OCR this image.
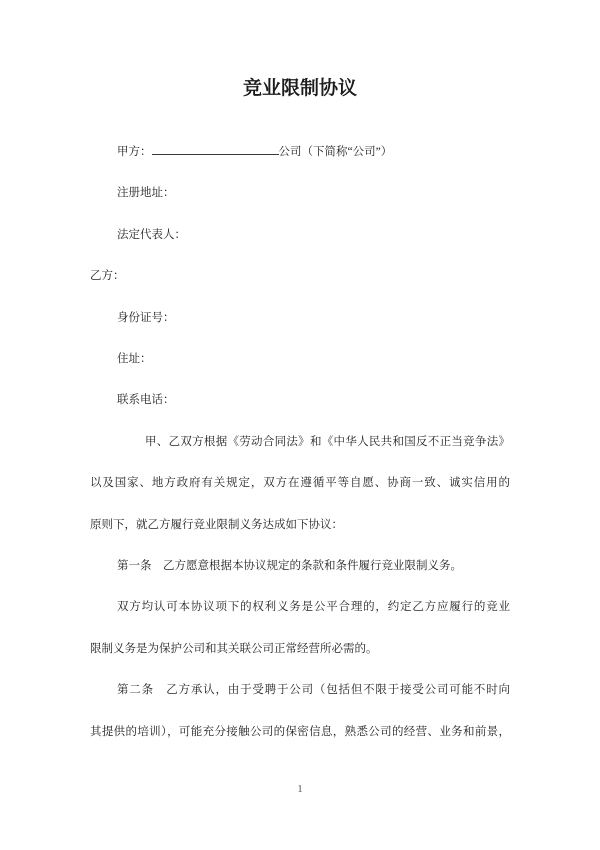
竞业限制协议

甲方：	公司（下简称“公司”）

注册地址：

法定代表人：

乙方：

身份证号：

住址：

联系电话：

甲、乙双方根据《劳动合同法》和《中华人民共和国反不正当竞争法》

以及国家、地方政府有关规定，双方在遵循平等自愿、协商一致、诚实信用的

原则下，就乙方履行竞业限制义务达成如下协议：

第一条　乙方愿意根据本协议规定的条款和条件履行竞业限制义务。

双方均认可本协议项下的权利义务是公平合理的，约定乙方应履行的竞业

限制义务是为保护公司和其关联公司正常经营所必需的。

第二条　乙方承认，由于受聘于公司（包括但不限于接受公司可能不时向

其提供的培训），可能充分接触公司的保密信息，熟悉公司的经营、业务和前景，

1
